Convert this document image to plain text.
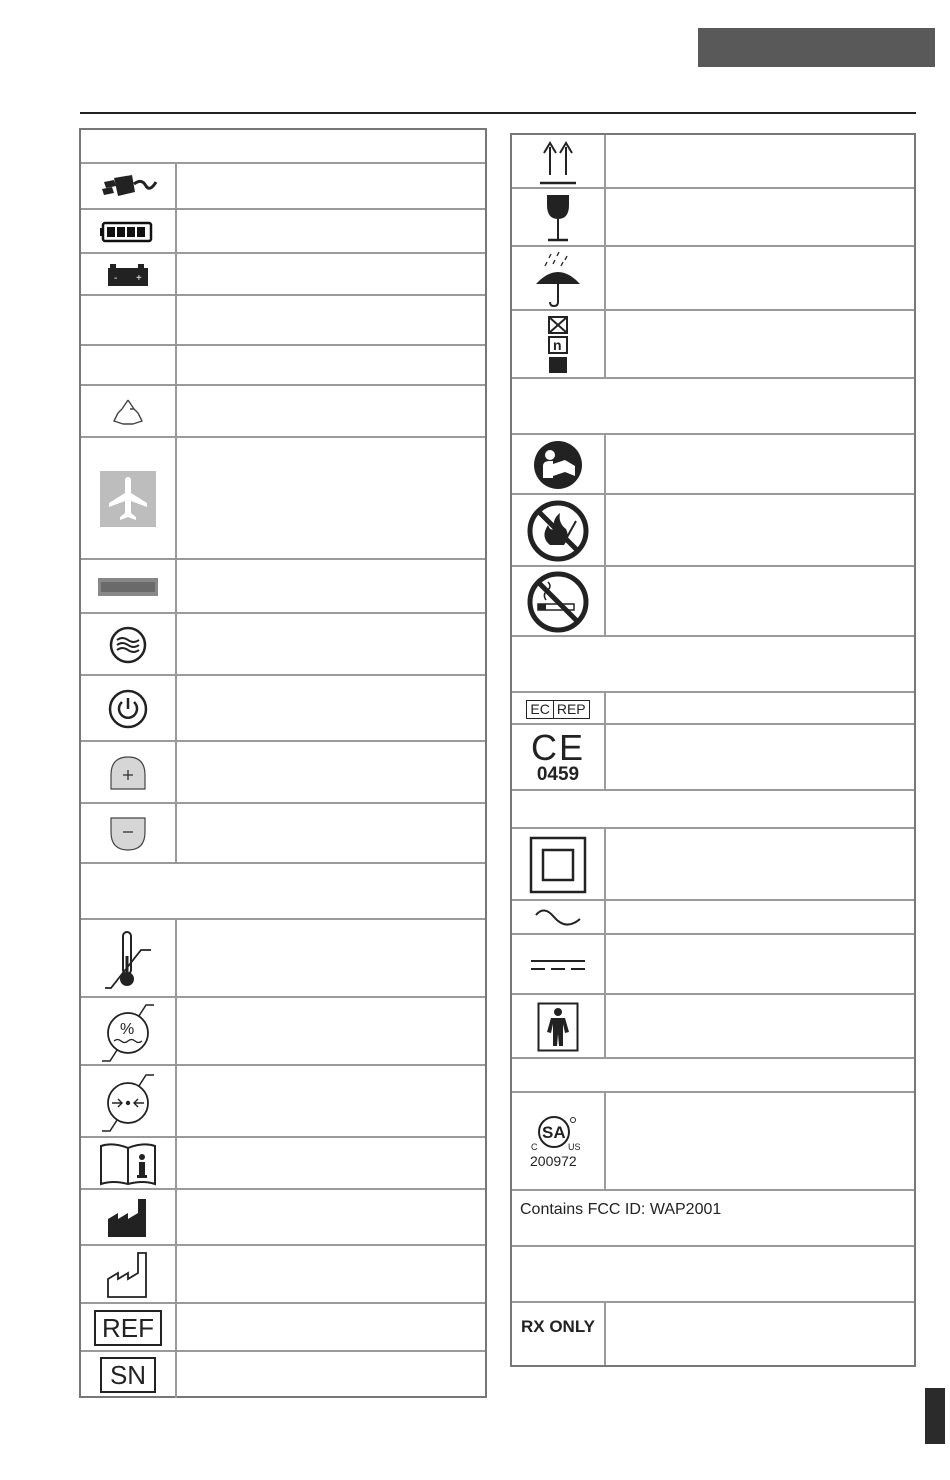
- +
%
REF
SN
n
EC REP
CE
0459
SA
C	US
200972
Contains FCC ID: WAP2001
RX ONLY
